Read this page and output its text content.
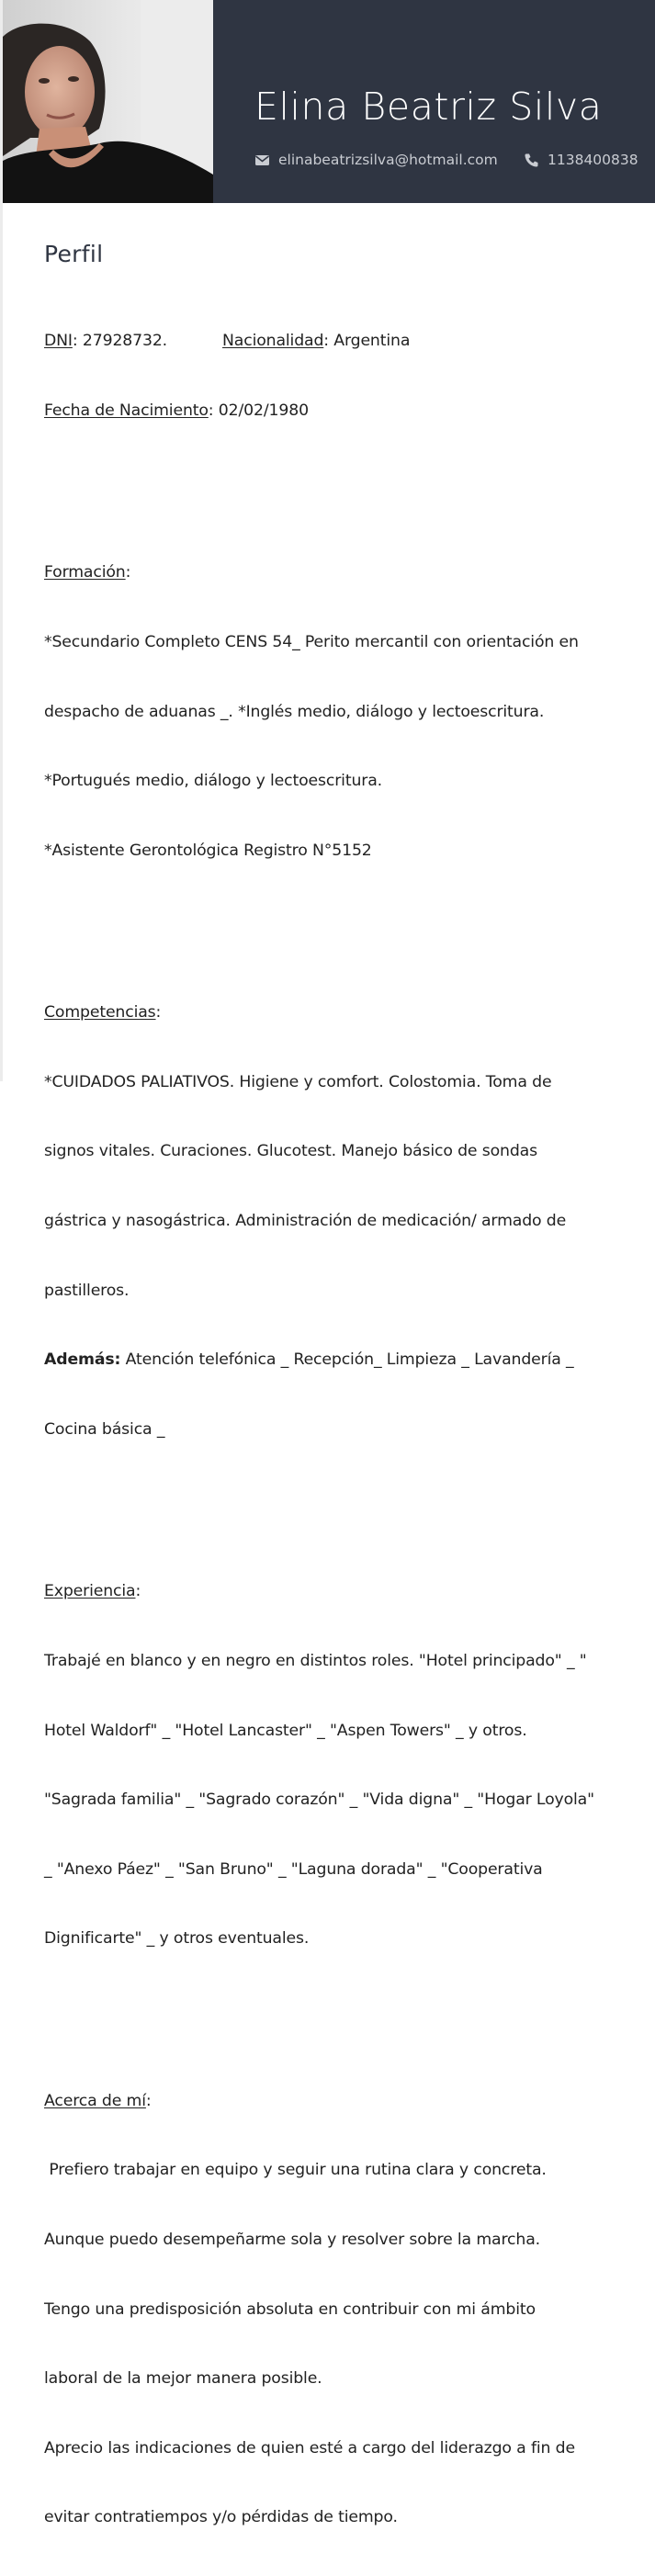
Elina Beatriz Silva
elinabeatrizsilva@hotmail.com	1138400838
Perfil

DNI: 27928732.	Nacionalidad: Argentina

Fecha de Nacimiento: 02/02/1980

Formación:

*Secundario Completo CENS 54_ Perito mercantil con orientación en

despacho de aduanas _. *Inglés medio, diálogo y lectoescritura.

*Portugués medio, diálogo y lectoescritura.

*Asistente Gerontológica Registro N°5152

Competencias:

*CUIDADOS PALIATIVOS. Higiene y comfort. Colostomia. Toma de

signos vitales. Curaciones. Glucotest. Manejo básico de sondas

gástrica y nasogástrica. Administración de medicación/ armado de

pastilleros.

Además: Atención telefónica _ Recepción_ Limpieza _ Lavandería _

Cocina básica _

Experiencia:

Trabajé en blanco y en negro en distintos roles. "Hotel principado" _ "

Hotel Waldorf" _ "Hotel Lancaster" _ "Aspen Towers" _ y otros.

"Sagrada familia" _ "Sagrado corazón" _ "Vida digna" _ "Hogar Loyola"

_ "Anexo Páez" _ "San Bruno" _ "Laguna dorada" _ "Cooperativa

Dignificarte" _ y otros eventuales.

Acerca de mí:

Prefiero trabajar en equipo y seguir una rutina clara y concreta.

Aunque puedo desempeñarme sola y resolver sobre la marcha.

Tengo una predisposición absoluta en contribuir con mi ámbito

laboral de la mejor manera posible.

Aprecio las indicaciones de quien esté a cargo del liderazgo a fin de

evitar contratiempos y/o pérdidas de tiempo.
